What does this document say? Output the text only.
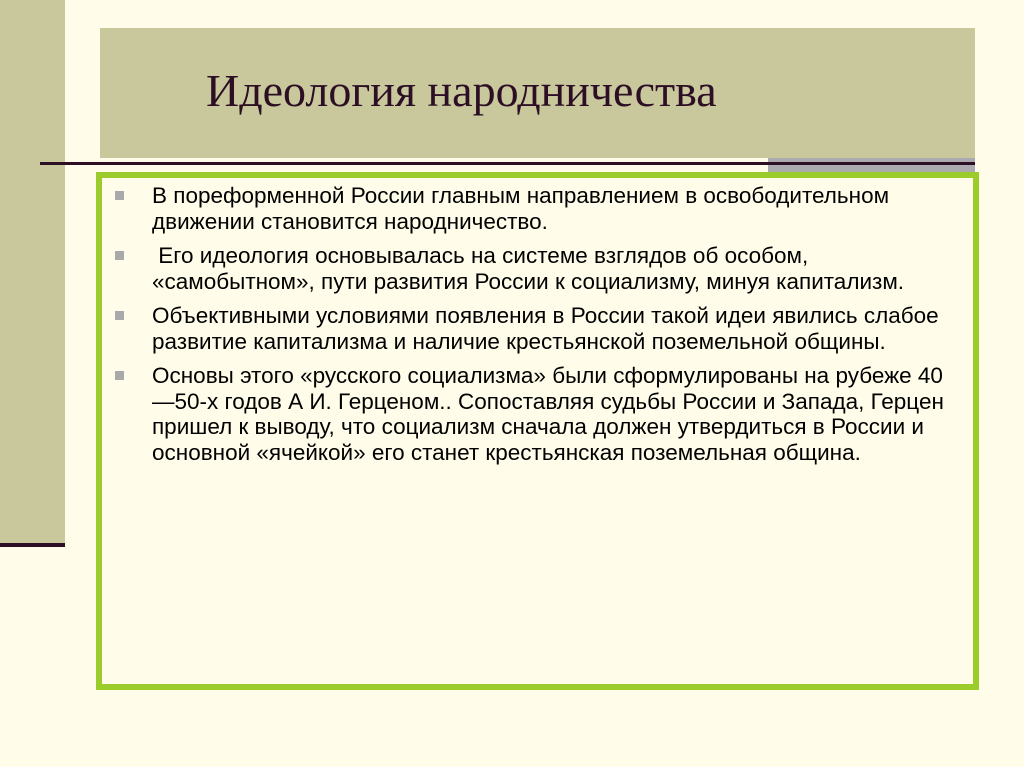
Идеология народничества
В пореформенной России главным направлением в освободительном движении становится народничество.
Его идеология основывалась на системе взглядов об особом, «самобытном», пути развития России к социализму, минуя капитализм.
Объективными условиями появления в России такой идеи явились слабое развитие капитализма и наличие крестьянской поземельной общины.
Основы этого «русского социализма» были сформулированы на рубеже 40—50-х годов А И. Герценом.. Сопоставляя судьбы России и Запада, Герцен пришел к выводу, что социализм сначала должен утвердиться в России и основной «ячейкой» его станет крестьянская поземельная община.
